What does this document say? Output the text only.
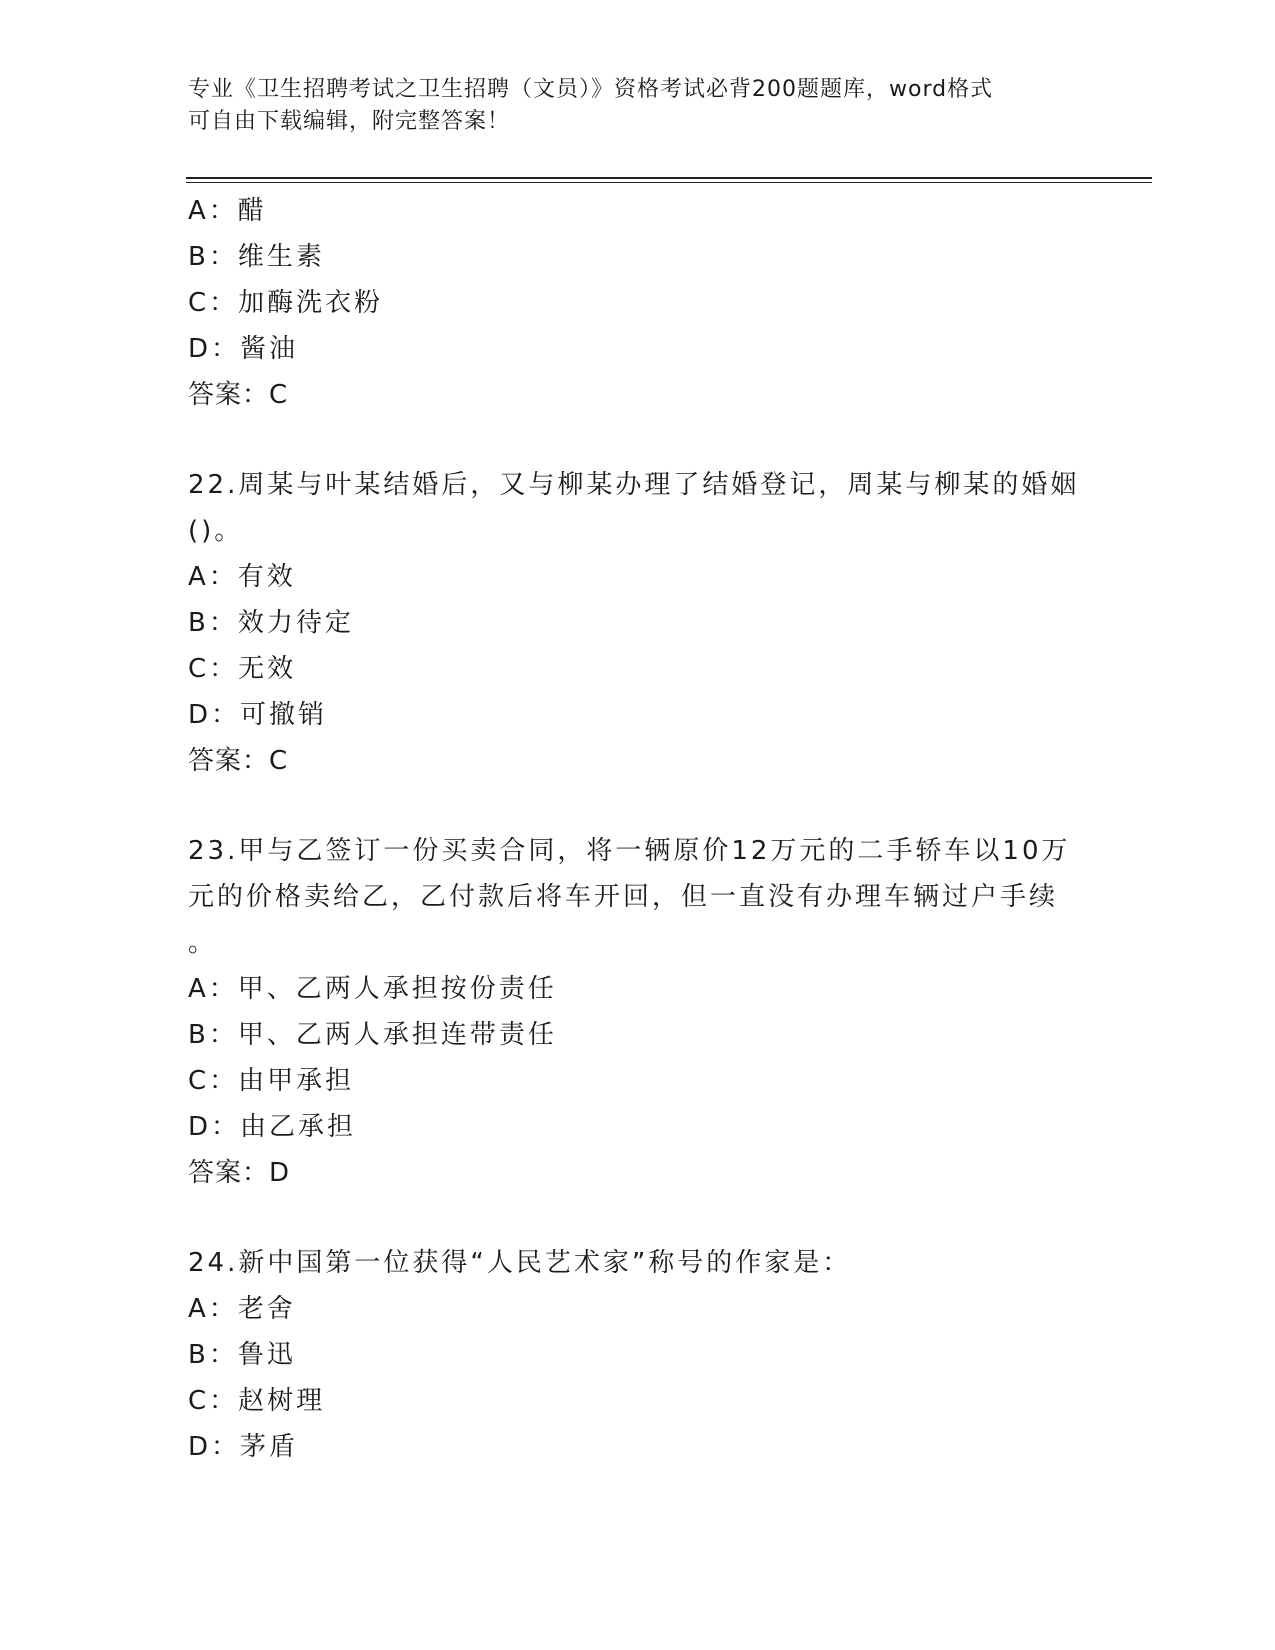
专业《卫生招聘考试之卫生招聘（文员）》资格考试必背200题题库，word格式
可自由下载编辑，附完整答案！
A：醋
B：维生素
C：加酶洗衣粉
D：酱油
答案：C
22.周某与叶某结婚后，又与柳某办理了结婚登记，周某与柳某的婚姻
()。
A：有效
B：效力待定
C：无效
D：可撤销
答案：C
23.甲与乙签订一份买卖合同，将一辆原价12万元的二手轿车以10万
元的价格卖给乙，乙付款后将车开回，但一直没有办理车辆过户手续
。
A：甲、乙两人承担按份责任
B：甲、乙两人承担连带责任
C：由甲承担
D：由乙承担
答案：D
24.新中国第一位获得“人民艺术家”称号的作家是：
A：老舍
B：鲁迅
C：赵树理
D：茅盾
